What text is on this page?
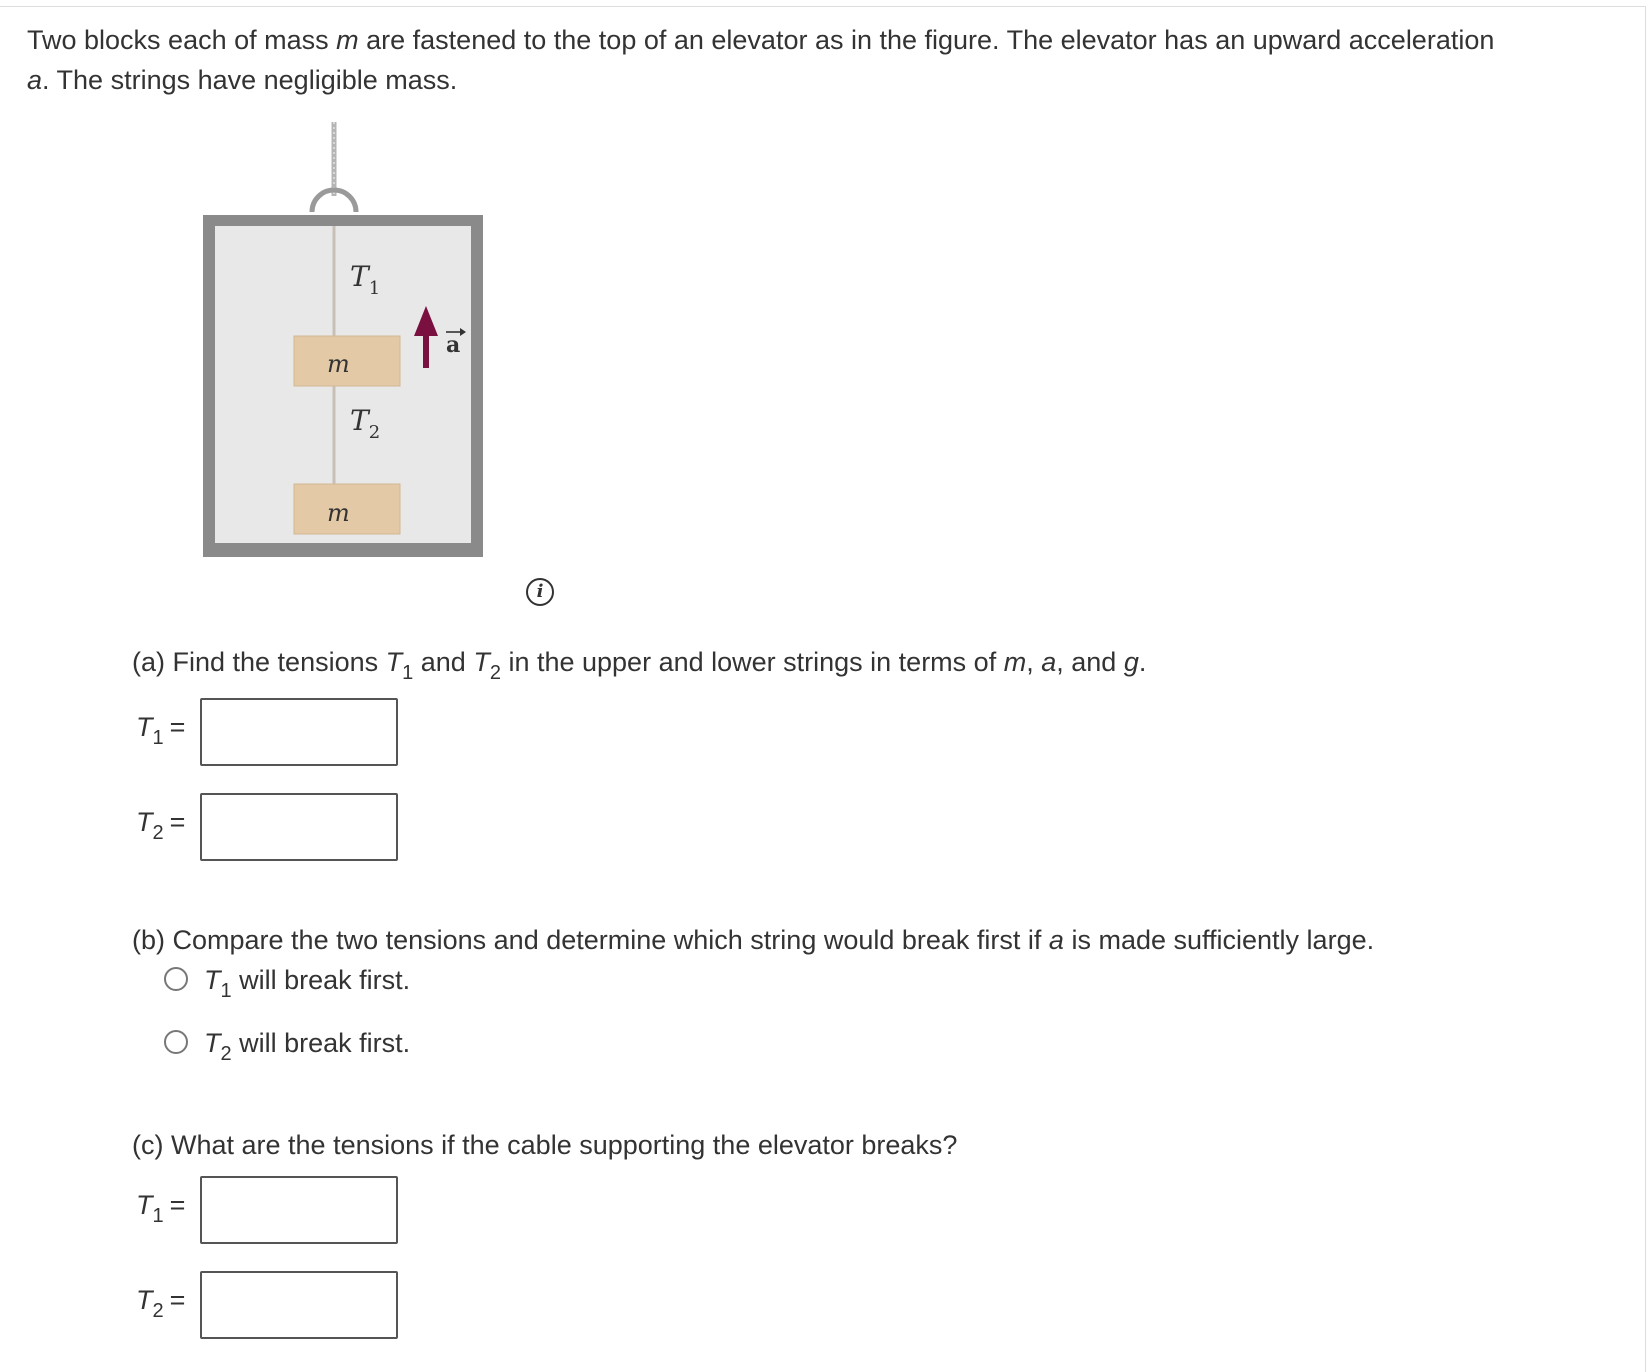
Two blocks each of mass m are fastened to the top of an elevator as in the figure. The elevator has an upward acceleration
a. The strings have negligible mass.
$T_1$
$T_2$
m
m
a
i
(a) Find the tensions $T_1$ and $T_2$ in the upper and lower strings in terms of m, a, and g.
$T_1$ =
$T_2$ =
(b) Compare the two tensions and determine which string would break first if a is made sufficiently large.
$T_1$ will break first.
$T_2$ will break first.
(c) What are the tensions if the cable supporting the elevator breaks?
$T_1$ =
$T_2$ =
